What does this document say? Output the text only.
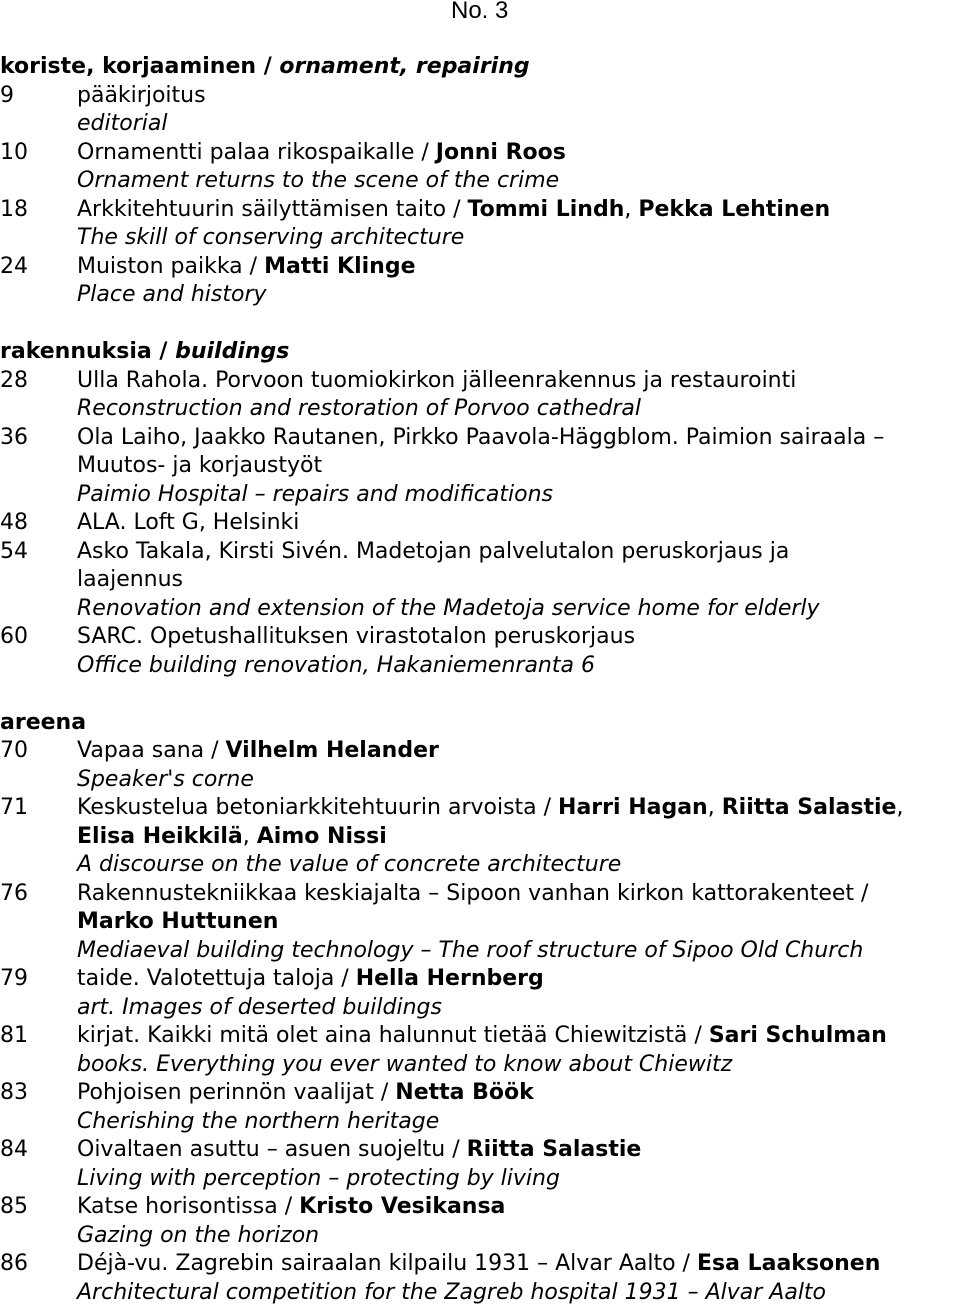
No. 3
koriste, korjaaminen / ornament, repairing
9	pääkirjoitus
editorial
10 Ornamentti palaa rikospaikalle / Jonni Roos
Ornament returns to the scene of the crime
18 Arkkitehtuurin säilyttämisen taito / Tommi Lindh, Pekka Lehtinen
The skill of conserving architecture
24 Muiston paikka / Matti Klinge
Place and history
rakennuksia / buildings
28 Ulla Rahola. Porvoon tuomiokirkon jälleenrakennus ja restaurointi
Reconstruction and restoration of Porvoo cathedral
36 Ola Laiho, Jaakko Rautanen, Pirkko Paavola-Häggblom. Paimion sairaala –
Muutos- ja korjaustyöt
Paimio Hospital – repairs and modifications
48 ALA. Loft G, Helsinki
54 Asko Takala, Kirsti Sivén. Madetojan palvelutalon peruskorjaus ja
laajennus
Renovation and extension of the Madetoja service home for elderly
60 SARC. Opetushallituksen virastotalon peruskorjaus
Office building renovation, Hakaniemenranta 6
areena
70 Vapaa sana / Vilhelm Helander
Speaker's corne
71 Keskustelua betoniarkkitehtuurin arvoista / Harri Hagan, Riitta Salastie,
Elisa Heikkilä, Aimo Nissi
A discourse on the value of concrete architecture
76 Rakennustekniikkaa keskiajalta – Sipoon vanhan kirkon kattorakenteet /
Marko Huttunen
Mediaeval building technology – The roof structure of Sipoo Old Church
79 taide. Valotettuja taloja / Hella Hernberg
art. Images of deserted buildings
81 kirjat. Kaikki mitä olet aina halunnut tietää Chiewitzistä / Sari Schulman
books. Everything you ever wanted to know about Chiewitz
83 Pohjoisen perinnön vaalijat / Netta Böök
Cherishing the northern heritage
84 Oivaltaen asuttu – asuen suojeltu / Riitta Salastie
Living with perception – protecting by living
85 Katse horisontissa / Kristo Vesikansa
Gazing on the horizon
86 Déjà-vu. Zagrebin sairaalan kilpailu 1931 – Alvar Aalto / Esa Laaksonen
Architectural competition for the Zagreb hospital 1931 – Alvar Aalto
